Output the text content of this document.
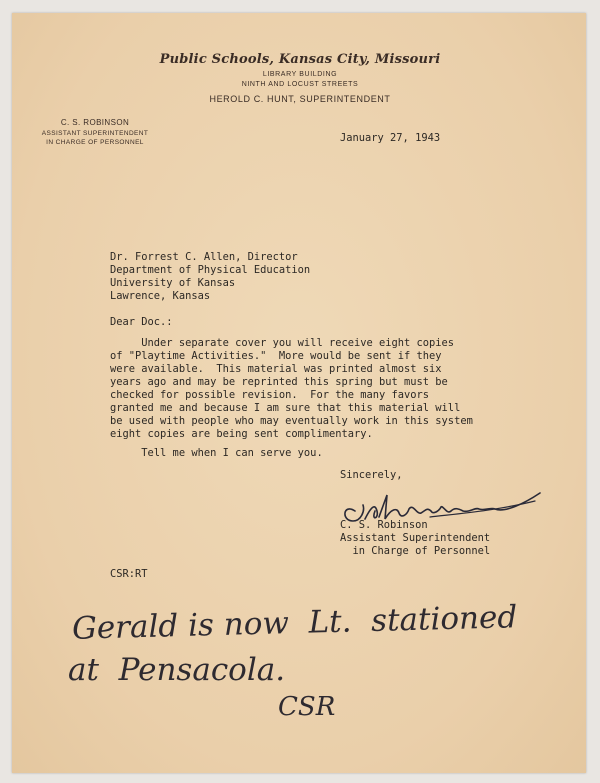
Public Schools, Kansas City, Missouri
LIBRARY BUILDING
NINTH AND LOCUST STREETS
HEROLD C. HUNT, SUPERINTENDENT
C. S. ROBINSON
ASSISTANT SUPERINTENDENT
IN CHARGE OF PERSONNEL	January 27, 1943
Dr. Forrest C. Allen, Director
Department of Physical Education
University of Kansas
Lawrence, Kansas
Dear Doc.:
Under separate cover you will receive eight copies
of "Playtime Activities."  More would be sent if they
were available.  This material was printed almost six
years ago and may be reprinted this spring but must be
checked for possible revision.  For the many favors
granted me and because I am sure that this material will
be used with people who may eventually work in this system
eight copies are being sent complimentary.
Tell me when I can serve you.
Sincerely,
C. S. Robinson
Assistant Superintendent
in Charge of Personnel
CSR:RT
Gerald is now  Lt.  stationed
at  Pensacola.
CSR
